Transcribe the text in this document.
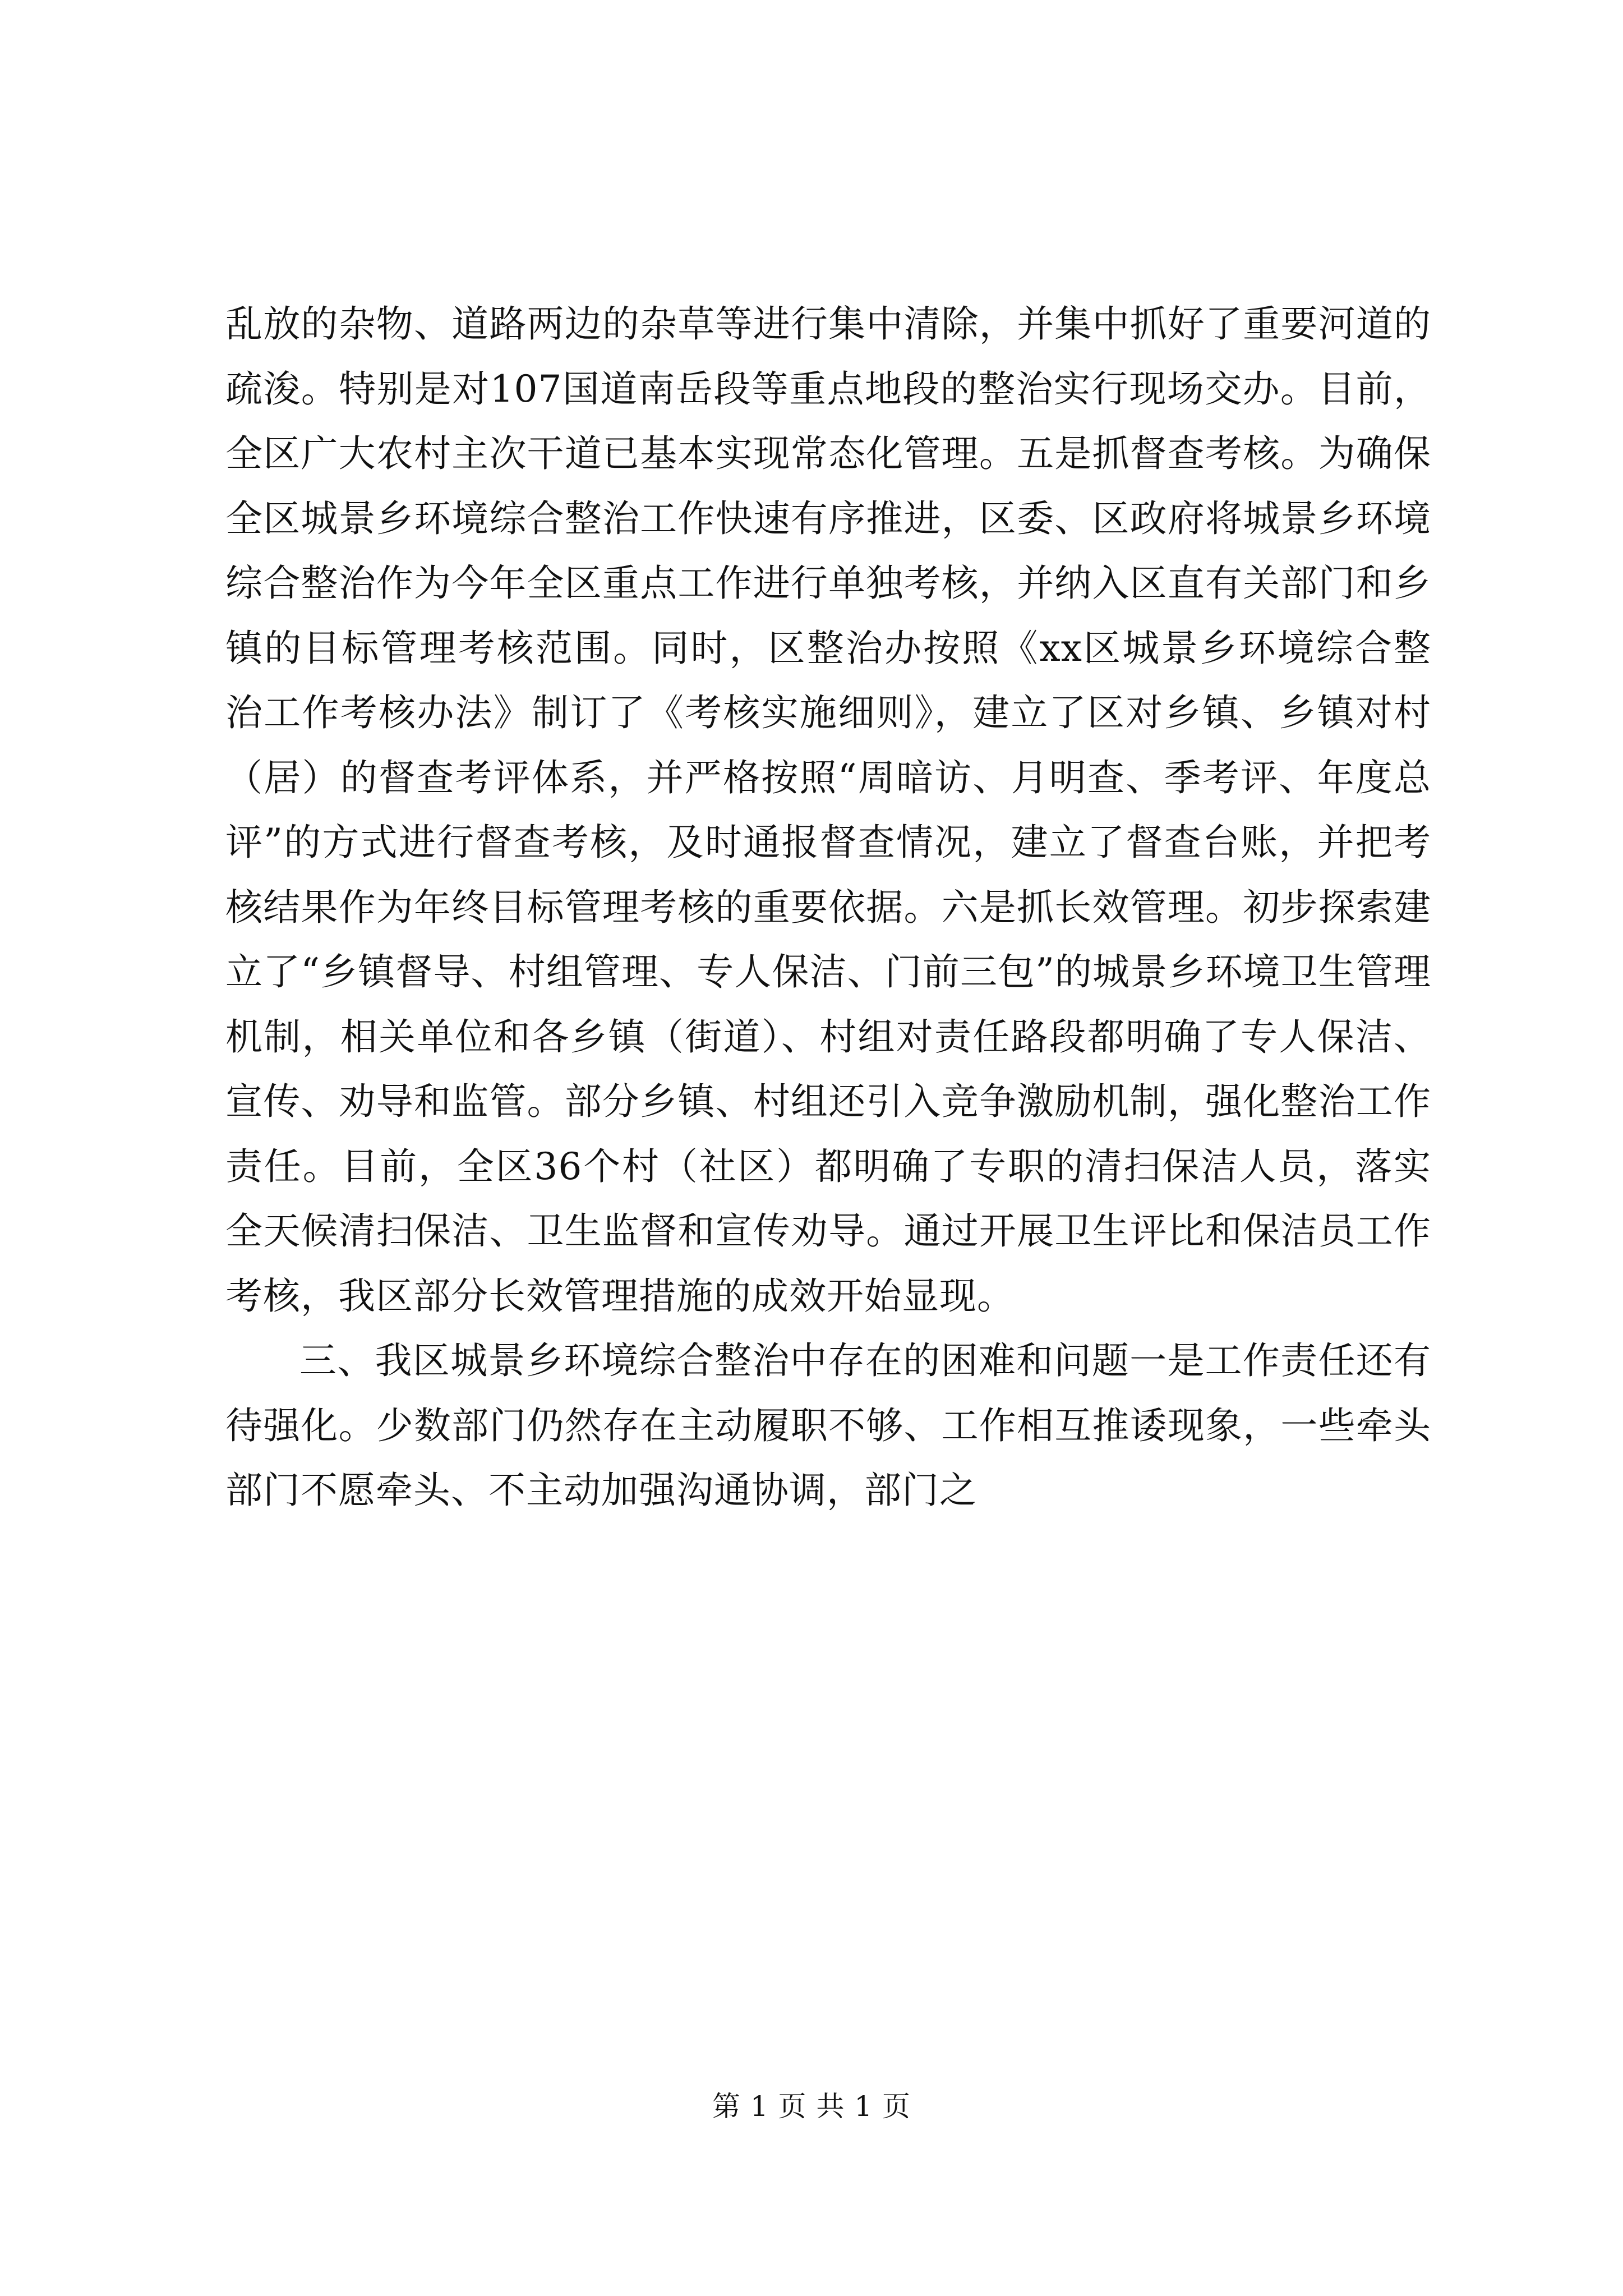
乱放的杂物、道路两边的杂草等进行集中清除，并集中抓好了重要河道的疏浚。特别是对107国道南岳段等重点地段的整治实行现场交办。目前，全区广大农村主次干道已基本实现常态化管理。五是抓督查考核。为确保全区城景乡环境综合整治工作快速有序推进，区委、区政府将城景乡环境综合整治作为今年全区重点工作进行单独考核，并纳入区直有关部门和乡镇的目标管理考核范围。同时，区整治办按照《xx区城景乡环境综合整治工作考核办法》制订了《考核实施细则》，建立了区对乡镇、乡镇对村（居）的督查考评体系，并严格按照“周暗访、月明查、季考评、年度总评”的方式进行督查考核，及时通报督查情况，建立了督查台账，并把考核结果作为年终目标管理考核的重要依据。六是抓长效管理。初步探索建立了“乡镇督导、村组管理、专人保洁、门前三包”的城景乡环境卫生管理机制，相关单位和各乡镇（街道）、村组对责任路段都明确了专人保洁、宣传、劝导和监管。部分乡镇、村组还引入竞争激励机制，强化整治工作责任。目前，全区36个村（社区）都明确了专职的清扫保洁人员，落实全天候清扫保洁、卫生监督和宣传劝导。通过开展卫生评比和保洁员工作考核，我区部分长效管理措施的成效开始显现。

三、我区城景乡环境综合整治中存在的困难和问题一是工作责任还有待强化。少数部门仍然存在主动履职不够、工作相互推诿现象，一些牵头部门不愿牵头、不主动加强沟通协调，部门之

第 1 页 共 1 页
